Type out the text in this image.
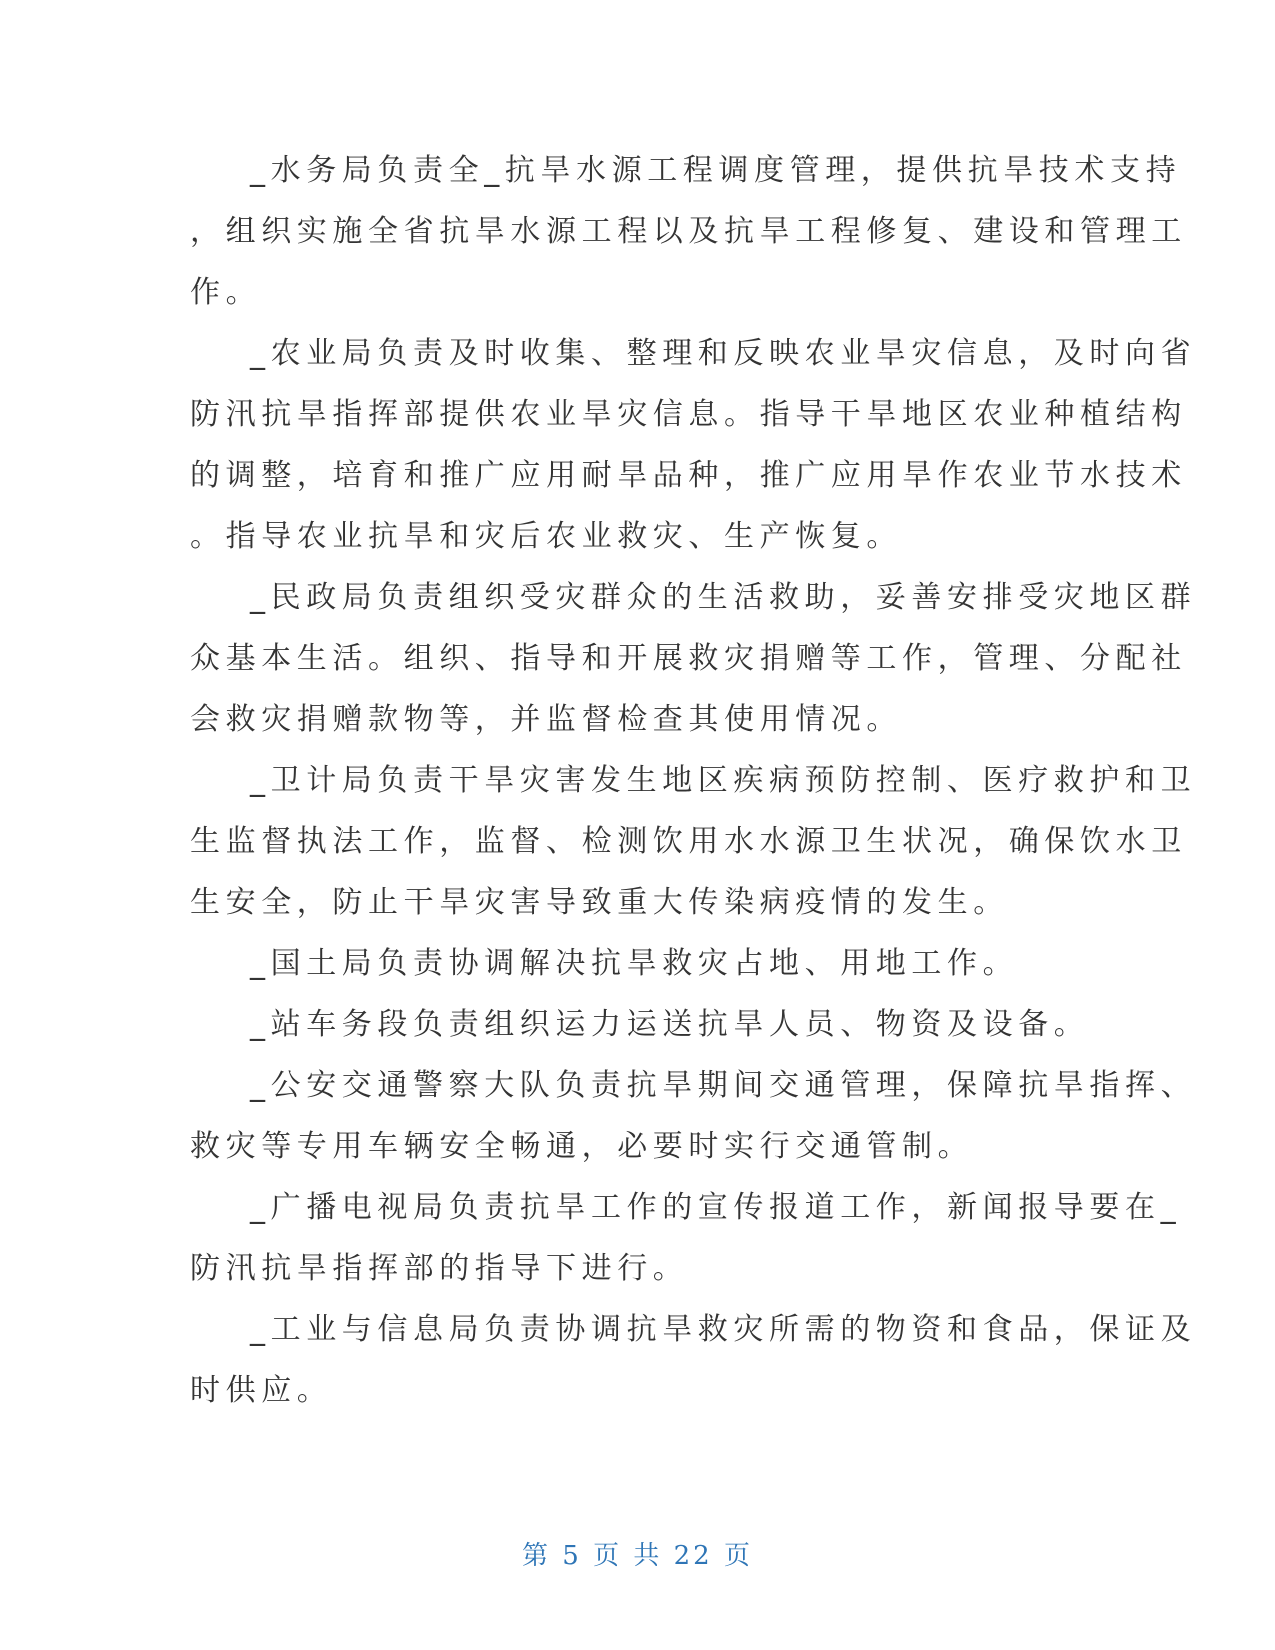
_水务局负责全_抗旱水源工程调度管理，提供抗旱技术支持
，组织实施全省抗旱水源工程以及抗旱工程修复、建设和管理工
作。
_农业局负责及时收集、整理和反映农业旱灾信息，及时向省
防汛抗旱指挥部提供农业旱灾信息。指导干旱地区农业种植结构
的调整，培育和推广应用耐旱品种，推广应用旱作农业节水技术
。指导农业抗旱和灾后农业救灾、生产恢复。
_民政局负责组织受灾群众的生活救助，妥善安排受灾地区群
众基本生活。组织、指导和开展救灾捐赠等工作，管理、分配社
会救灾捐赠款物等，并监督检查其使用情况。
_卫计局负责干旱灾害发生地区疾病预防控制、医疗救护和卫
生监督执法工作，监督、检测饮用水水源卫生状况，确保饮水卫
生安全，防止干旱灾害导致重大传染病疫情的发生。
_国土局负责协调解决抗旱救灾占地、用地工作。
_站车务段负责组织运力运送抗旱人员、物资及设备。
_公安交通警察大队负责抗旱期间交通管理，保障抗旱指挥、
救灾等专用车辆安全畅通，必要时实行交通管制。
_广播电视局负责抗旱工作的宣传报道工作，新闻报导要在_
防汛抗旱指挥部的指导下进行。
_工业与信息局负责协调抗旱救灾所需的物资和食品，保证及
时供应。
第 5 页 共 22 页
